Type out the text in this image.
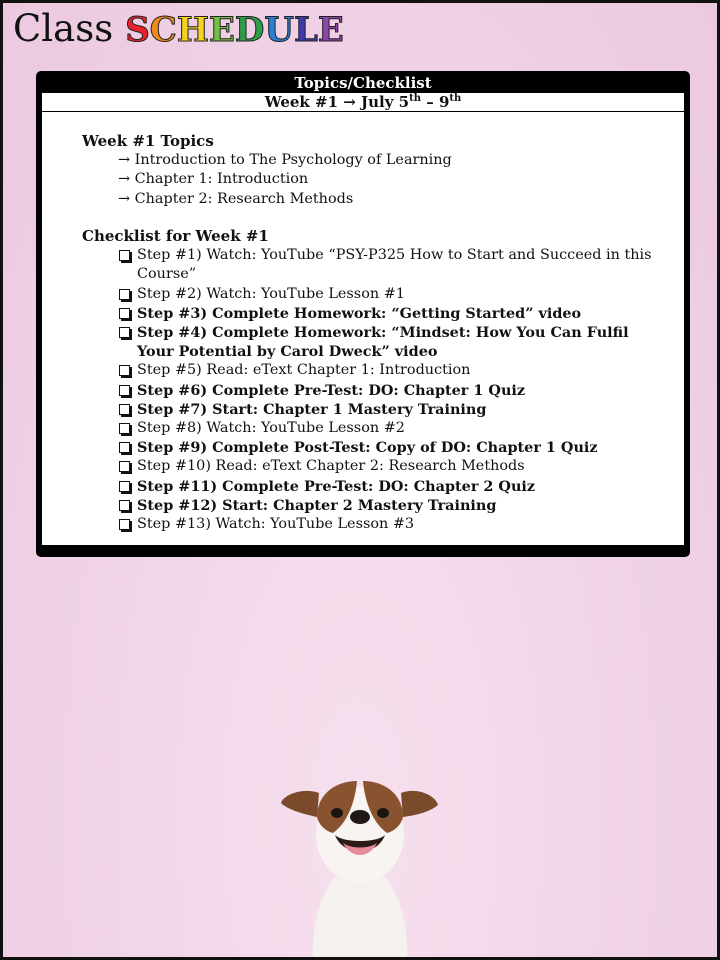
Class S C H E D U L E
Topics/Checklist
Week #1 → July 5th – 9th

Week #1 Topics

→ Introduction to The Psychology of Learning
→ Chapter 1: Introduction
→ Chapter 2: Research Methods

Checklist for Week #1

Step #1) Watch: YouTube “PSY-P325 How to Start and Succeed in this Course”
Step #2) Watch: YouTube Lesson #1
Step #3) Complete Homework: “Getting Started” video
Step #4) Complete Homework: “Mindset: How You Can Fulfil Your Potential by Carol Dweck” video
Step #5) Read: eText Chapter 1: Introduction
Step #6) Complete Pre-Test: DO: Chapter 1 Quiz
Step #7) Start: Chapter 1 Mastery Training
Step #8) Watch: YouTube Lesson #2
Step #9) Complete Post-Test: Copy of DO: Chapter 1 Quiz
Step #10) Read: eText Chapter 2: Research Methods
Step #11) Complete Pre-Test: DO: Chapter 2 Quiz
Step #12) Start: Chapter 2 Mastery Training
Step #13) Watch: YouTube Lesson #3
